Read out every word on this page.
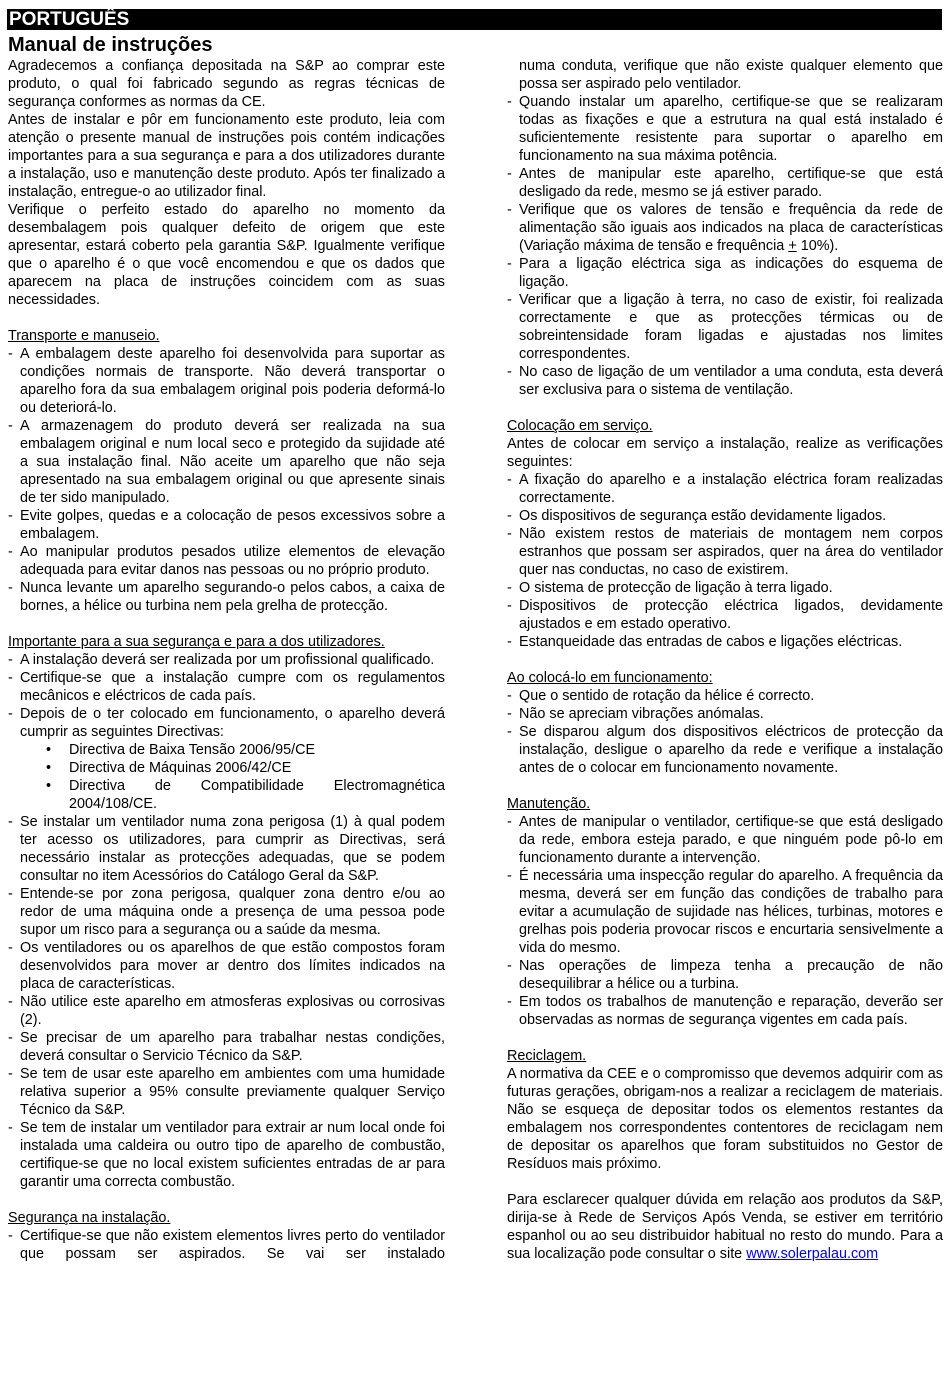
PORTUGUÊS
Manual de instruções

Agradecemos a confiança depositada na S&P ao comprar este produto, o qual foi fabricado segundo as regras técnicas de segurança conformes as normas da CE.

Antes de instalar e pôr em funcionamento este produto, leia com atenção o presente manual de instruções pois contém indicações importantes para a sua segurança e para a dos utilizadores durante a instalação, uso e manutenção deste produto. Após ter finalizado a instalação, entregue-o ao utilizador final.

Verifique o perfeito estado do aparelho no momento da desembalagem pois qualquer defeito de origem que este apresentar, estará coberto pela garantia S&P. Igualmente verifique que o aparelho é o que você encomendou e que os dados que aparecem na placa de instruções coincidem com as suas necessidades.

Transporte e manuseio.

- A embalagem deste aparelho foi desenvolvida para suportar as condições normais de transporte. Não deverá transportar o aparelho fora da sua embalagem original pois poderia deformá-lo ou deteriorá-lo.

- A armazenagem do produto deverá ser realizada na sua embalagem original e num local seco e protegido da sujidade até a sua instalação final. Não aceite um aparelho que não seja apresentado na sua embalagem original ou que apresente sinais de ter sido manipulado.

- Evite golpes, quedas e a colocação de pesos excessivos sobre a embalagem.

- Ao manipular produtos pesados utilize elementos de elevação adequada para evitar danos nas pessoas ou no próprio produto.

- Nunca levante um aparelho segurando-o pelos cabos, a caixa de bornes, a hélice ou turbina nem pela grelha de protecção.

Importante para a sua segurança e para a dos utilizadores.

- A instalação deverá ser realizada por um profissional qualificado.

- Certifique-se que a instalação cumpre com os regulamentos mecânicos e eléctricos de cada país.

- Depois de o ter colocado em funcionamento, o aparelho deverá cumprir as seguintes Directivas:

• Directiva de Baixa Tensão 2006/95/CE

• Directiva de Máquinas 2006/42/CE

• Directiva de Compatibilidade Electromagnética 2004/108/CE.

- Se instalar um ventilador numa zona perigosa (1) à qual podem ter acesso os utilizadores, para cumprir as Directivas, será necessário instalar as protecções adequadas, que se podem consultar no item Acessórios do Catálogo Geral da S&P.

- Entende-se por zona perigosa, qualquer zona dentro e/ou ao redor de uma máquina onde a presença de uma pessoa pode supor um risco para a segurança ou a saúde da mesma.

- Os ventiladores ou os aparelhos de que estão compostos foram desenvolvidos para mover ar dentro dos límites indicados na placa de características.

- Não utilice este aparelho em atmosferas explosivas ou corrosivas (2).

- Se precisar de um aparelho para trabalhar nestas condições, deverá consultar o Servicio Técnico da S&P.

- Se tem de usar este aparelho em ambientes com uma humidade relativa superior a 95% consulte previamente qualquer Serviço Técnico da S&P.

- Se tem de instalar um ventilador para extrair ar num local onde foi instalada uma caldeira ou outro tipo de aparelho de combustão, certifique-se que no local existem suficientes entradas de ar para garantir uma correcta combustão.

Segurança na instalação.

- Certifique-se que não existem elementos livres perto do ventilador que possam ser aspirados. Se vai ser instalado

numa conduta, verifique que não existe qualquer elemento que possa ser aspirado pelo ventilador.

- Quando instalar um aparelho, certifique-se que se realizaram todas as fixações e que a estrutura na qual está instalado é suficientemente resistente para suportar o aparelho em funcionamento na sua máxima potência.

- Antes de manipular este aparelho, certifique-se que está desligado da rede, mesmo se já estiver parado.

- Verifique que os valores de tensão e frequência da rede de alimentação são iguais aos indicados na placa de características (Variação máxima de tensão e frequência + 10%).

- Para a ligação eléctrica siga as indicações do esquema de ligação.

- Verificar que a ligação à terra, no caso de existir, foi realizada correctamente e que as protecções térmicas ou de sobreintensidade foram ligadas e ajustadas nos limites correspondentes.

- No caso de ligação de um ventilador a uma conduta, esta deverá ser exclusiva para o sistema de ventilação.

Colocação em serviço.

Antes de colocar em serviço a instalação, realize as verificações seguintes:

- A fixação do aparelho e a instalação eléctrica foram realizadas correctamente.

- Os dispositivos de segurança estão devidamente ligados.

- Não existem restos de materiais de montagem nem corpos estranhos que possam ser aspirados, quer na área do ventilador quer nas conductas, no caso de existirem.

- O sistema de protecção de ligação à terra ligado.

- Dispositivos de protecção eléctrica ligados, devidamente ajustados e em estado operativo.

- Estanqueidade das entradas de cabos e ligações eléctricas.

Ao colocá-lo em funcionamento:

- Que o sentido de rotação da hélice é correcto.

- Não se apreciam vibrações anómalas.

- Se disparou algum dos dispositivos eléctricos de protecção da instalação, desligue o aparelho da rede e verifique a instalação antes de o colocar em funcionamento novamente.

Manutenção.

- Antes de manipular o ventilador, certifique-se que está desligado da rede, embora esteja parado, e que ninguém pode pô-lo em funcionamento durante a intervenção.

- É necessária uma inspecção regular do aparelho. A frequência da mesma, deverá ser em função das condições de trabalho para evitar a acumulação de sujidade nas hélices, turbinas, motores e grelhas pois poderia provocar riscos e encurtaria sensivelmente a vida do mesmo.

- Nas operações de limpeza tenha a precaução de não desequilibrar a hélice ou a turbina.

- Em todos os trabalhos de manutenção e reparação, deverão ser observadas as normas de segurança vigentes em cada país.

Reciclagem.

A normativa da CEE e o compromisso que devemos adquirir com as futuras gerações, obrigam-nos a realizar a reciclagem de materiais. Não se esqueça de depositar todos os elementos restantes da embalagem nos correspondentes contentores de reciclagam nem de depositar os aparelhos que foram substituidos no Gestor de Resíduos mais próximo.

Para esclarecer qualquer dúvida em relação aos produtos da S&P, dirija-se à Rede de Serviços Após Venda, se estiver em território espanhol ou ao seu distribuidor habitual no resto do mundo. Para a sua localização pode consultar o site www.solerpalau.com
